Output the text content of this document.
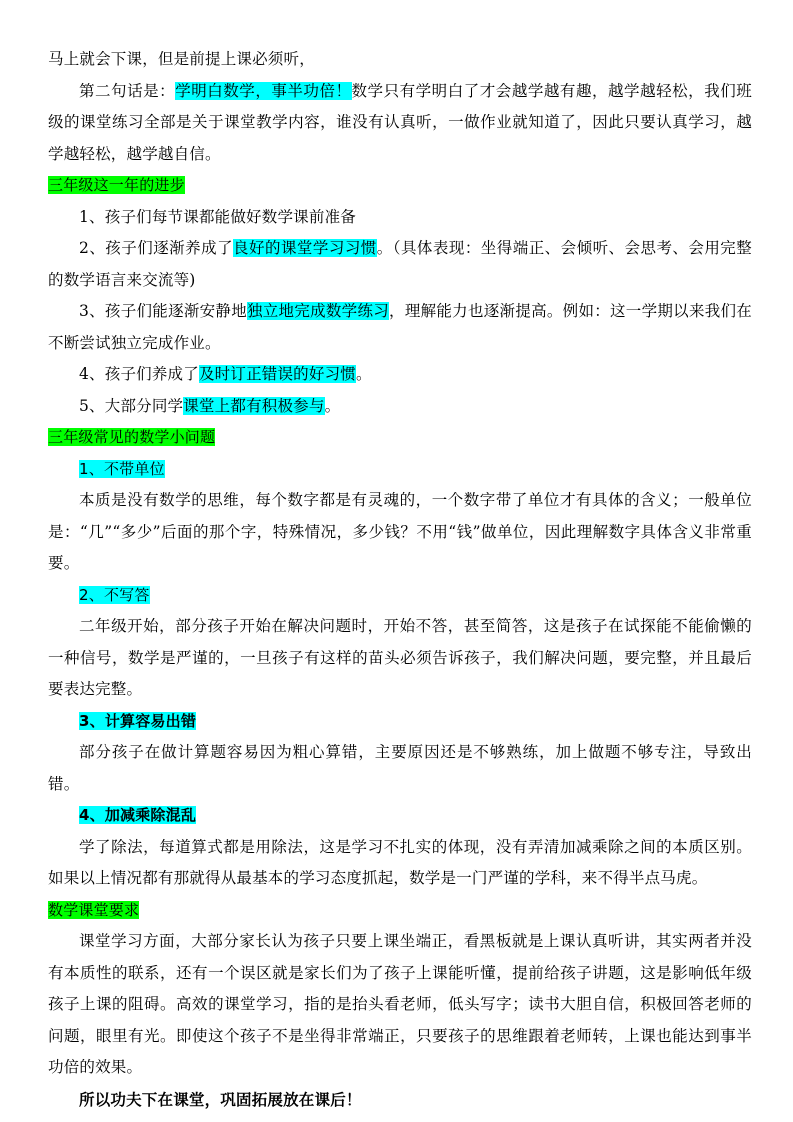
马上就会下课，但是前提上课必须听，

第二句话是：学明白数学，事半功倍！数学只有学明白了才会越学越有趣，越学越轻松，我们班级的课堂练习全部是关于课堂教学内容，谁没有认真听，一做作业就知道了，因此只要认真学习，越学越轻松，越学越自信。

三年级这一年的进步

1、孩子们每节课都能做好数学课前准备

2、孩子们逐渐养成了良好的课堂学习习惯。（具体表现：坐得端正、会倾听、会思考、会用完整的数学语言来交流等)

3、孩子们能逐渐安静地独立地完成数学练习，理解能力也逐渐提高。例如：这一学期以来我们在不断尝试独立完成作业。

4、孩子们养成了及时订正错误的好习惯。

5、大部分同学课堂上都有积极参与。

三年级常见的数学小问题

1、不带单位

本质是没有数学的思维，每个数字都是有灵魂的，一个数字带了单位才有具体的含义；一般单位是：“几”“多少”后面的那个字，特殊情况，多少钱？不用“钱”做单位，因此理解数字具体含义非常重要。

2、不写答

二年级开始，部分孩子开始在解决问题时，开始不答，甚至简答，这是孩子在试探能不能偷懒的一种信号，数学是严谨的，一旦孩子有这样的苗头必须告诉孩子，我们解决问题，要完整，并且最后要表达完整。

3、计算容易出错

部分孩子在做计算题容易因为粗心算错，主要原因还是不够熟练，加上做题不够专注，导致出错。

4、加减乘除混乱

学了除法，每道算式都是用除法，这是学习不扎实的体现，没有弄清加减乘除之间的本质区别。如果以上情况都有那就得从最基本的学习态度抓起，数学是一门严谨的学科，来不得半点马虎。

数学课堂要求

课堂学习方面，大部分家长认为孩子只要上课坐端正，看黑板就是上课认真听讲，其实两者并没有本质性的联系，还有一个误区就是家长们为了孩子上课能听懂，提前给孩子讲题，这是影响低年级孩子上课的阻碍。高效的课堂学习，指的是抬头看老师，低头写字；读书大胆自信，积极回答老师的问题，眼里有光。即使这个孩子不是坐得非常端正，只要孩子的思维跟着老师转，上课也能达到事半功倍的效果。

所以功夫下在课堂，巩固拓展放在课后！
